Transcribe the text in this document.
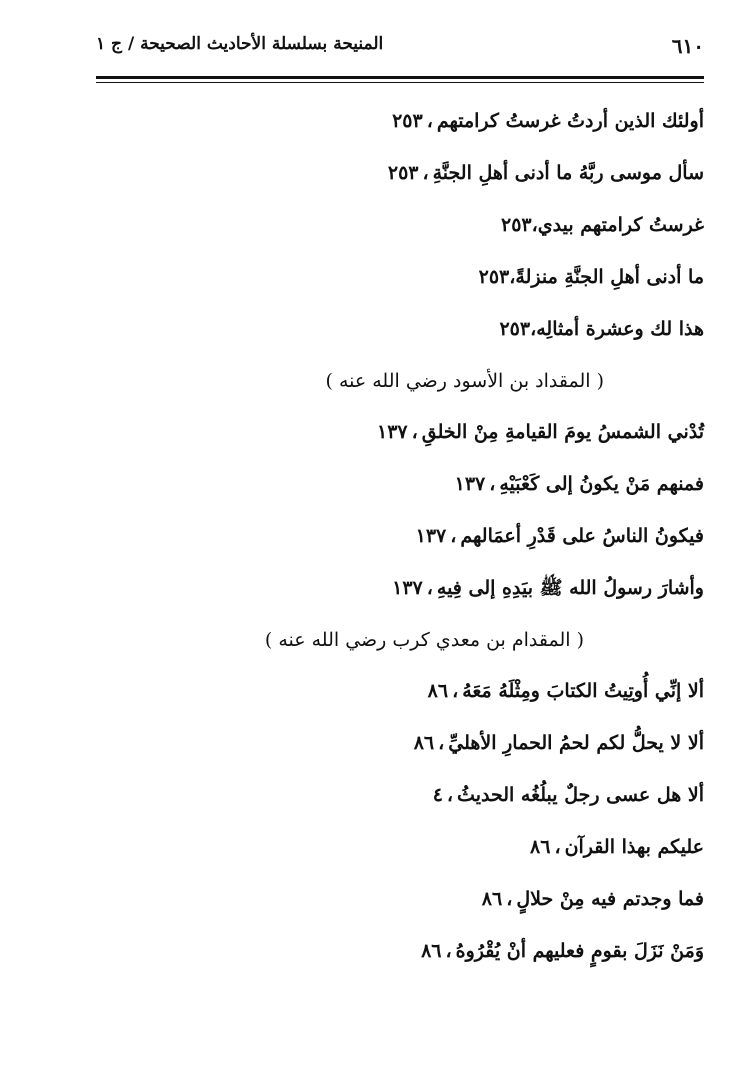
٦١٠
المنيحة بسلسلة الأحاديث الصحيحة / ج ١
أولئك الذين أردتُ غرستُ كرامتهم،٢٥٣
سأل موسى ربَّهُ ما أدنى أهلِ الجنَّةِ،٢٥٣
غرستُ كرامتهم بيدي،٢٥٣
ما أدنى أهلِ الجنَّةِ منزلةً،٢٥٣
هذا لك وعشرة أمثالِه،٢٥٣
( المقداد بن الأسود رضي الله عنه )
تُدْني الشمسُ يومَ القيامةِ مِنْ الخلقِ،١٣٧
فمنهم مَنْ يكونُ إلى كَعْبَيْهِ،١٣٧
فيكونُ الناسُ على قَدْرِ أعمَالهم،١٣٧
وأشارَ رسولُ الله ﷺ بيَدِهِ إلى فِيهِ،١٣٧
( المقدام بن معدي كرب رضي الله عنه )
ألا إنِّي أُوتِيتُ الكتابَ ومِثْلَهُ مَعَهُ،٨٦
ألا لا يحلُّ لكم لحمُ الحمارِ الأهليِّ،٨٦
ألا هل عسى رجلٌ يبلُغُه الحديثُ،٤
عليكم بهذا القرآن،٨٦
فما وجدتم فيه مِنْ حلالٍ،٨٦
وَمَنْ نَزَلَ بقومٍ فعليهم أنْ يُقْرُوهُ،٨٦
